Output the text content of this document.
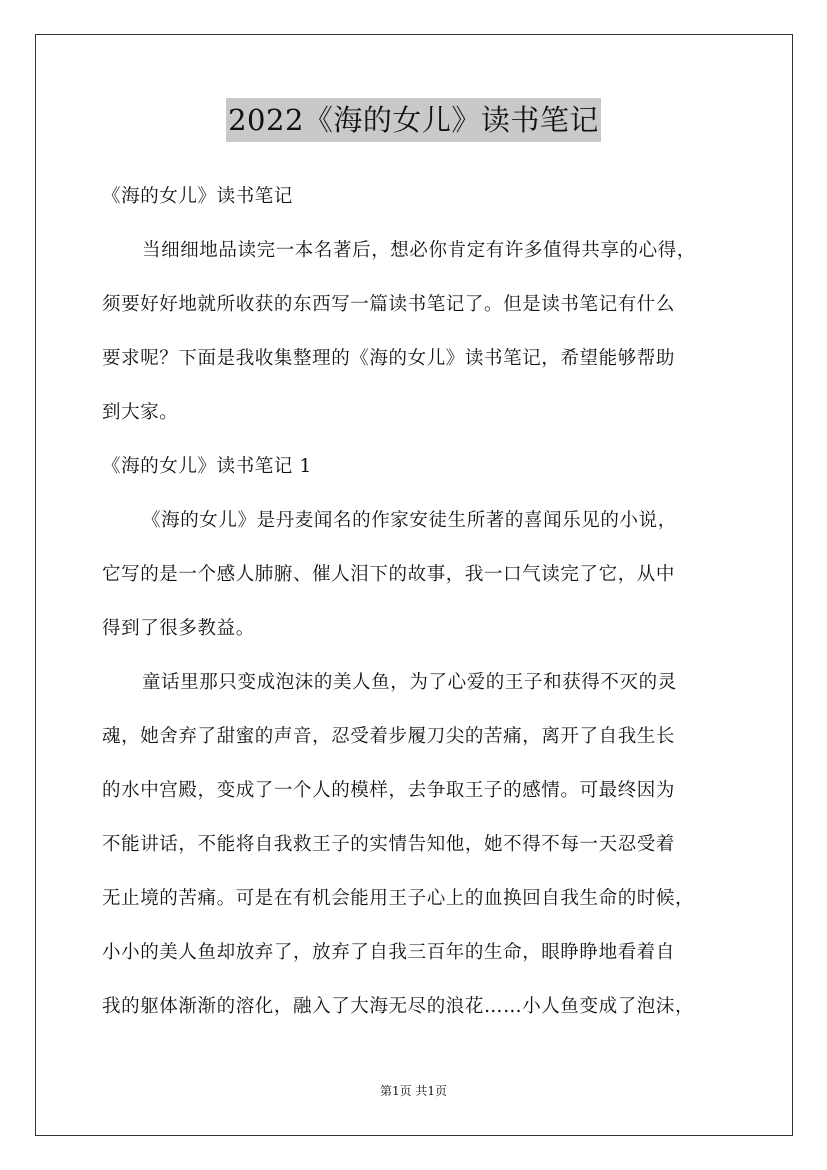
2022《海的女儿》读书笔记
《海的女儿》读书笔记
当细细地品读完一本名著后，想必你肯定有许多值得共享的心得，
须要好好地就所收获的东西写一篇读书笔记了。但是读书笔记有什么
要求呢？下面是我收集整理的《海的女儿》读书笔记，希望能够帮助
到大家。
《海的女儿》读书笔记 1
《海的女儿》是丹麦闻名的作家安徒生所著的喜闻乐见的小说，
它写的是一个感人肺腑、催人泪下的故事，我一口气读完了它，从中
得到了很多教益。
童话里那只变成泡沫的美人鱼，为了心爱的王子和获得不灭的灵
魂，她舍弃了甜蜜的声音，忍受着步履刀尖的苦痛，离开了自我生长
的水中宫殿，变成了一个人的模样，去争取王子的感情。可最终因为
不能讲话，不能将自我救王子的实情告知他，她不得不每一天忍受着
无止境的苦痛。可是在有机会能用王子心上的血换回自我生命的时候，
小小的美人鱼却放弃了，放弃了自我三百年的生命，眼睁睁地看着自
我的躯体渐渐的溶化，融入了大海无尽的浪花……小人鱼变成了泡沫，
第1页 共1页
